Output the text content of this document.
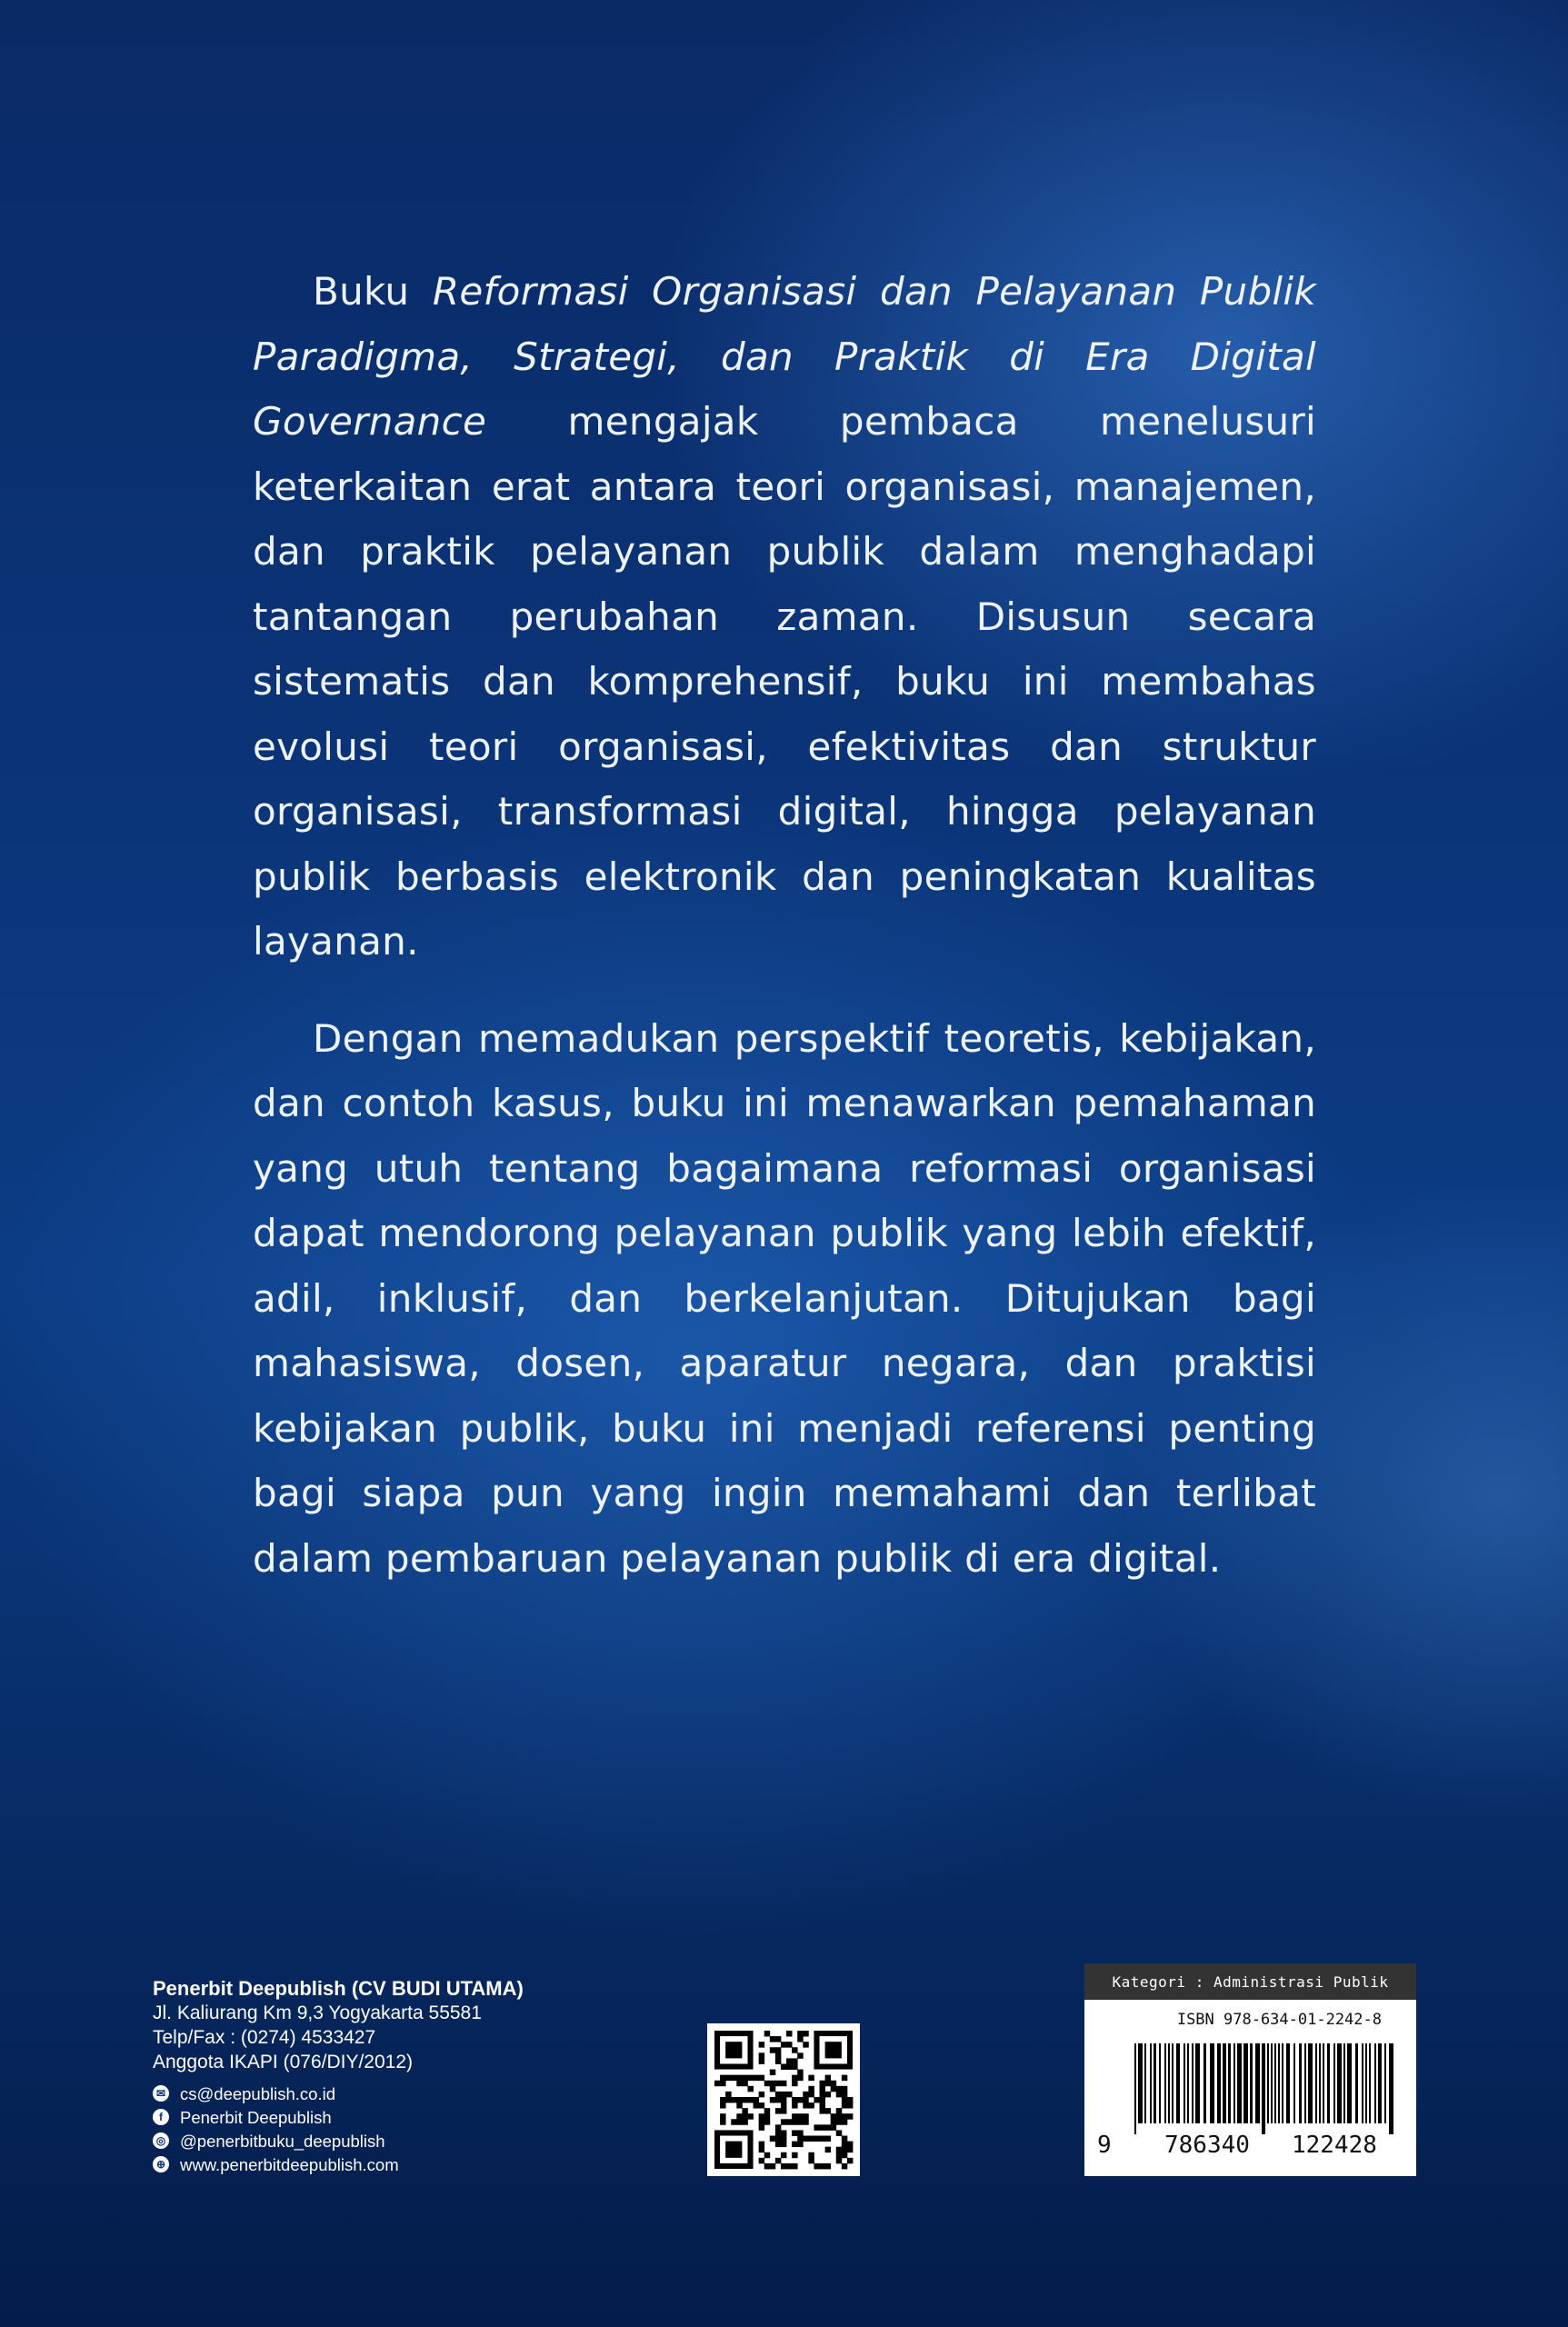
Buku Reformasi Organisasi dan Pelayanan Publik Paradigma, Strategi, dan Praktik di Era Digital Governance mengajak pembaca menelusuri keterkaitan erat antara teori organisasi, manajemen, dan praktik pelayanan publik dalam menghadapi tantangan perubahan zaman. Disusun secara sistematis dan komprehensif, buku ini membahas evolusi teori organisasi, efektivitas dan struktur organisasi, transformasi digital, hingga pelayanan publik berbasis elektronik dan peningkatan kualitas layanan.

Dengan memadukan perspektif teoretis, kebijakan, dan contoh kasus, buku ini menawarkan pemahaman yang utuh tentang bagaimana reformasi organisasi dapat mendorong pelayanan publik yang lebih efektif, adil, inklusif, dan berkelanjutan. Ditujukan bagi mahasiswa, dosen, aparatur negara, dan praktisi kebijakan publik, buku ini menjadi referensi penting bagi siapa pun yang ingin memahami dan terlibat dalam pembaruan pelayanan publik di era digital.

Penerbit Deepublish (CV BUDI UTAMA)
Jl. Kaliurang Km 9,3 Yogyakarta 55581
Telp/Fax : (0274) 4533427
Anggota IKAPI (076/DIY/2012)
✉ cs@deepublish.co.id
f	Penerbit Deepublish
◎ @penerbitbuku_deepublish
⊕ www.penerbitdeepublish.com
Kategori : Administrasi Publik
ISBN 978-634-01-2242-8
9 786340 122428
